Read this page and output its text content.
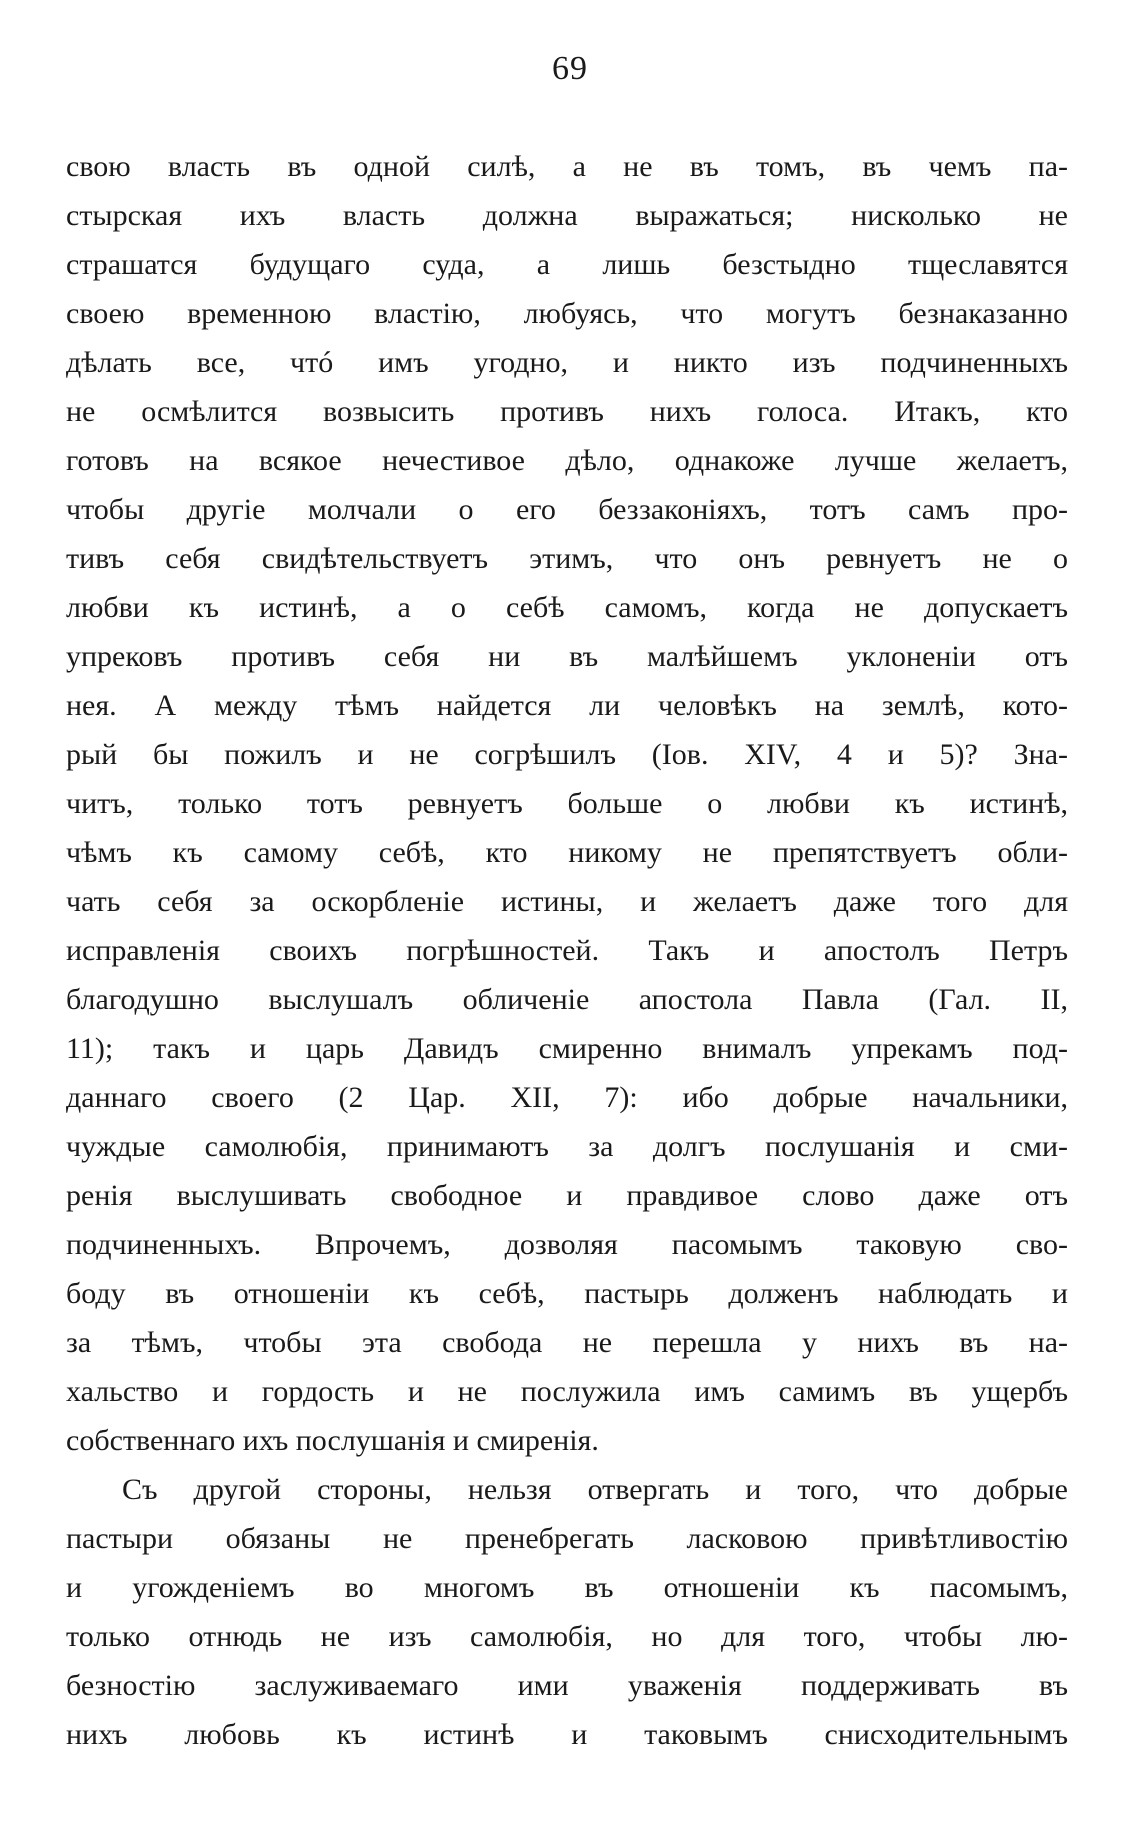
69
свою власть въ одной силѣ, а не въ томъ, въ чемъ па-
стырская ихъ власть должна выражаться; нисколько не
страшатся будущаго суда, а лишь безстыдно тщеславятся
своею временною властiю, любуясь, что могутъ безнаказанно
дѣлать все, чтó имъ угодно, и никто изъ подчиненныхъ
не осмѣлится возвысить противъ нихъ голоса. Итакъ, кто
готовъ на всякое нечестивое дѣло, однакоже лучше желаетъ,
чтобы другiе молчали о его беззаконiяхъ, тотъ самъ про-
тивъ себя свидѣтельствуетъ этимъ, что онъ ревнуетъ не о
любви къ истинѣ, а о себѣ самомъ, когда не допускаетъ
упрековъ противъ себя ни въ малѣйшемъ уклоненiи отъ
нея. А между тѣмъ найдется ли человѣкъ на землѣ, кото-
рый бы пожилъ и не согрѣшилъ (Iов. XIV, 4 и 5)? Зна-
читъ, только тотъ ревнуетъ больше о любви къ истинѣ,
чѣмъ къ самому себѣ, кто никому не препятствуетъ обли-
чать себя за оскорбленiе истины, и желаетъ даже того для
исправленiя своихъ погрѣшностей. Такъ и апостолъ Петръ
благодушно выслушалъ обличенiе апостола Павла (Гал. II,
11); такъ и царь Давидъ смиренно внималъ упрекамъ под-
даннаго своего (2 Цар. XII, 7): ибо добрые начальники,
чуждые самолюбiя, принимаютъ за долгъ послушанiя и сми-
ренiя выслушивать свободное и правдивое слово даже отъ
подчиненныхъ. Впрочемъ, дозволяя пасомымъ таковую сво-
боду въ отношенiи къ себѣ, пастырь долженъ наблюдать и
за тѣмъ, чтобы эта свобода не перешла у нихъ въ на-
хальство и гордость и не послужила имъ самимъ въ ущербъ
собственнаго ихъ послушанiя и смиренiя.
Съ другой стороны, нельзя отвергать и того, что добрые
пастыри обязаны не пренебрегать ласковою привѣтливостiю
и угожденiемъ во многомъ въ отношенiи къ пасомымъ,
только отнюдь не изъ самолюбiя, но для того, чтобы лю-
безностiю заслуживаемаго ими уваженiя поддерживать въ
нихъ любовь къ истинѣ и таковымъ снисходительнымъ
